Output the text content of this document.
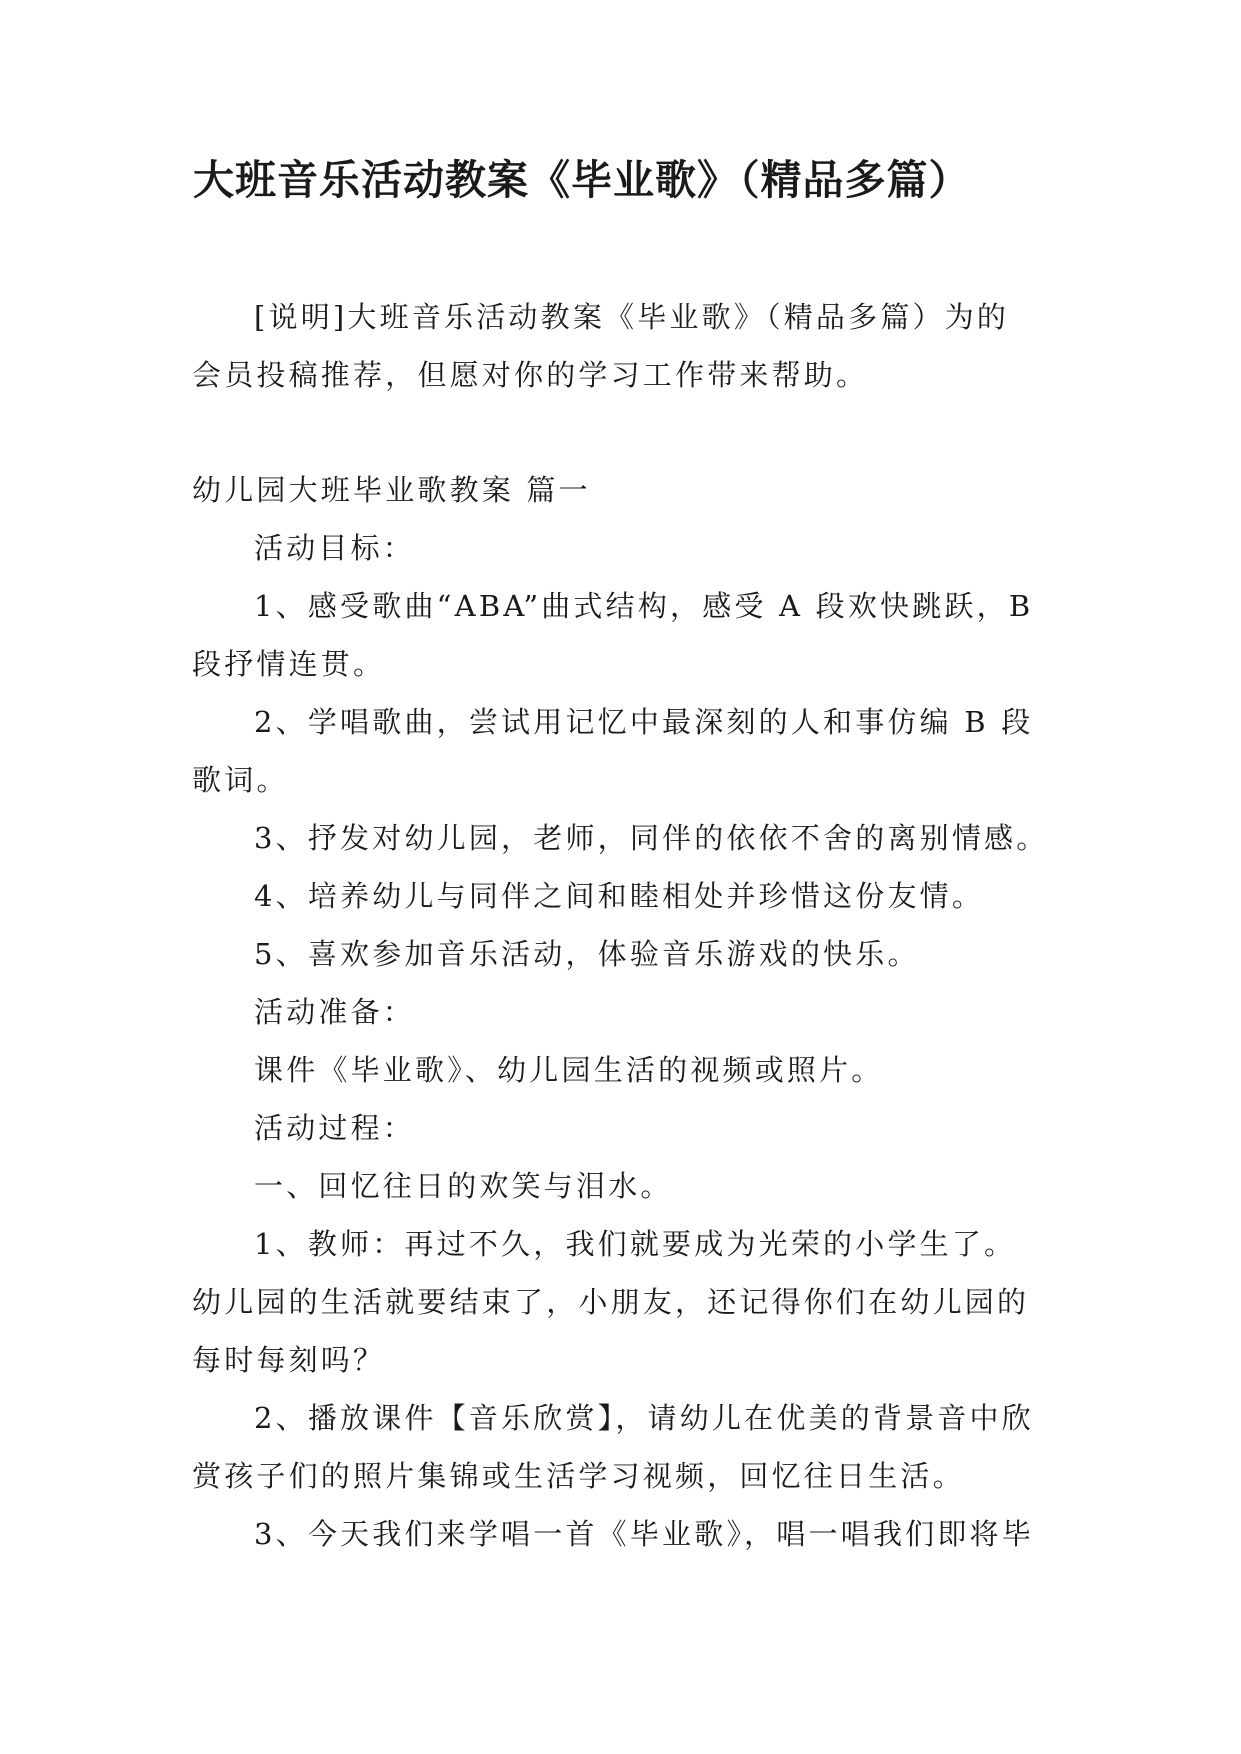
大班音乐活动教案《毕业歌》（精品多篇）

[说明]大班音乐活动教案《毕业歌》（精品多篇）为的

会员投稿推荐，但愿对你的学习工作带来帮助。

幼儿园大班毕业歌教案 篇一

活动目标：

1、感受歌曲“ABA”曲式结构，感受 A 段欢快跳跃，B

段抒情连贯。

2、学唱歌曲，尝试用记忆中最深刻的人和事仿编 B 段

歌词。

3、抒发对幼儿园，老师，同伴的依依不舍的离别情感。

4、培养幼儿与同伴之间和睦相处并珍惜这份友情。

5、喜欢参加音乐活动，体验音乐游戏的快乐。

活动准备：

课件《毕业歌》、幼儿园生活的视频或照片。

活动过程：

一、回忆往日的欢笑与泪水。

1、教师：再过不久，我们就要成为光荣的小学生了。

幼儿园的生活就要结束了，小朋友，还记得你们在幼儿园的

每时每刻吗？

2、播放课件【音乐欣赏】，请幼儿在优美的背景音中欣

赏孩子们的照片集锦或生活学习视频，回忆往日生活。

3、今天我们来学唱一首《毕业歌》，唱一唱我们即将毕
